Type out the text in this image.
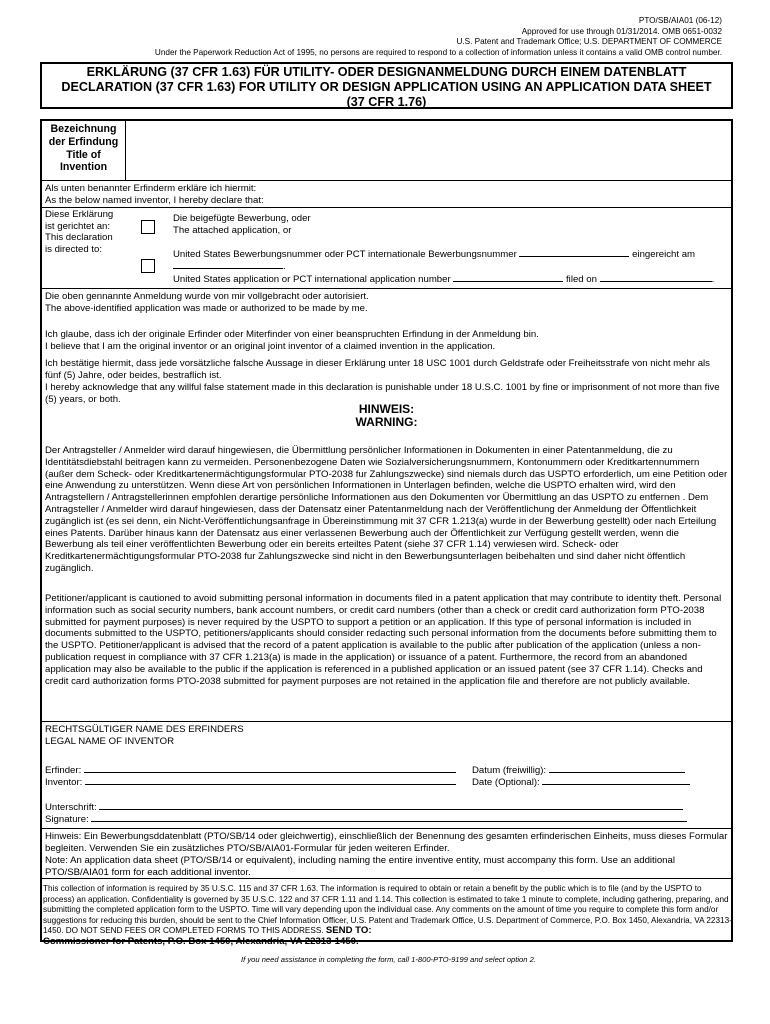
PTO/SB/AIA01 (06-12)
Approved for use through 01/31/2014. OMB 0651-0032
U.S. Patent and Trademark Office; U.S. DEPARTMENT OF COMMERCE
Under the Paperwork Reduction Act of 1995, no persons are required to respond to a collection of information unless it contains a valid OMB control number.
ERKLÄRUNG (37 CFR 1.63) FÜR UTILITY- ODER DESIGNANMELDUNG DURCH EINEM DATENBLATT
DECLARATION (37 CFR 1.63) FOR UTILITY OR DESIGN APPLICATION USING AN APPLICATION DATA SHEET
(37 CFR 1.76)
Bezeichnung
der Erfindung
Title of
Invention
Als unten benannter Erfinderm erkläre ich hiermit:
As the below named inventor, I hereby declare that:
Diese Erklärung
ist gerichtet an:
This declaration
is directed to:
Die beigefügte Bewerbung, oder
The attached application, or
United States Bewerbungsnummer oder PCT internationale Bewerbungsnummer	eingereicht am
.
United States application or PCT international application number	filed on	.
Die oben gennannte Anmeldung wurde von mir vollgebracht oder autorisiert.
The above-identified application was made or authorized to be made by me.
Ich glaube, dass ich der originale Erfinder oder Miterfinder von einer beanspruchten Erfindung in der Anmeldung bin.
I believe that I am the original inventor or an original joint inventor of a claimed invention in the application.
Ich bestätige hiermit, dass jede vorsätzliche falsche Aussage in dieser Erklärung unter 18 USC 1001 durch Geldstrafe oder Freiheitsstrafe von nicht mehr als fünf (5) Jahre, oder beides, bestraflich ist.
I hereby acknowledge that any willful false statement made in this declaration is punishable under 18 U.S.C. 1001 by fine or imprisonment of not more than five (5) years, or both.
HINWEIS:
WARNING:
Der Antragsteller / Anmelder wird darauf hingewiesen, die Übermittlung persönlicher Informationen in Dokumenten in einer Patentanmeldung, die zu Identitätsdiebstahl beitragen kann zu vermeiden. Personenbezogene Daten wie Sozialversicherungsnummern, Kontonummern oder Kreditkartennummern (außer dem Scheck- oder Kreditkartenermächtigungsformular PTO-2038 fur Zahlungszwecke) sind niemals durch das USPTO erforderlich, um eine Petition oder eine Anwendung zu unterstützen. Wenn diese Art von persönlichen Informationen in Unterlagen befinden, welche die USPTO erhalten wird, wird den Antragstellern / Antragstellerinnen empfohlen derartige persönliche Informationen aus den Dokumenten vor Übermittlung an das USPTO zu entfernen . Dem Antragsteller / Anmelder wird darauf hingewiesen, dass der Datensatz einer Patentanmeldung nach der Veröffentlichung der Anmeldung der Öffentlichkeit zugänglich ist (es sei denn, ein Nicht-Veröffentlichungsanfrage in Übereinstimmung mit 37 CFR 1.213(a) wurde in der Bewerbung gestellt) oder nach Erteilung eines Patents. Darüber hinaus kann der Datensatz aus einer verlassenen Bewerbung auch der Öffentlichkeit zur Verfügung gestellt werden, wenn die Bewerbung als teil einer veröffentlichten Bewerbung oder ein bereits erteiltes Patent (siehe 37 CFR 1.14) verwiesen wird. Scheck- oder Kreditkartenermächtigungsformular PTO-2038 fur Zahlungszwecke sind nicht in den Bewerbungsunterlagen beibehalten und sind daher nicht öffentlich zugänglich.
Petitioner/applicant is cautioned to avoid submitting personal information in documents filed in a patent application that may contribute to identity theft. Personal information such as social security numbers, bank account numbers, or credit card numbers (other than a check or credit card authorization form PTO-2038 submitted for payment purposes) is never required by the USPTO to support a petition or an application. If this type of personal information is included in documents submitted to the USPTO, petitioners/applicants should consider redacting such personal information from the documents before submitting them to the USPTO. Petitioner/applicant is advised that the record of a patent application is available to the public after publication of the application (unless a non-publication request in compliance with 37 CFR 1.213(a) is made in the application) or issuance of a patent. Furthermore, the record from an abandoned application may also be available to the public if the application is referenced in a published application or an issued patent (see 37 CFR 1.14). Checks and credit card authorization forms PTO-2038 submitted for payment purposes are not retained in the application file and therefore are not publicly available.
RECHTSGÜLTIGER NAME DES ERFINDERS
LEGAL NAME OF INVENTOR
Erfinder:
Inventor:
Datum (freiwillig):
Date (Optional):
Unterschrift:
Signature:
Hinweis: Ein Bewerbungsddatenblatt (PTO/SB/14 oder gleichwertig), einschließlich der Benennung des gesamten erfinderischen Einheits, muss dieses Formular begleiten. Verwenden Sie ein zusätzliches PTO/SB/AIA01-Formular für jeden weiteren Erfinder.
Note: An application data sheet (PTO/SB/14 or equivalent), including naming the entire inventive entity, must accompany this form. Use an additional PTO/SB/AIA01 form for each additional inventor.
This collection of information is required by 35 U.S.C. 115 and 37 CFR 1.63. The information is required to obtain or retain a benefit by the public which is to file (and by the USPTO to process) an application. Confidentiality is governed by 35 U.S.C. 122 and 37 CFR 1.11 and 1.14. This collection is estimated to take 1 minute to complete, including gathering, preparing, and submitting the completed application form to the USPTO. Time will vary depending upon the individual case. Any comments on the amount of time you require to complete this form and/or suggestions for reducing this burden, should be sent to the Chief Information Officer, U.S. Patent and Trademark Office, U.S. Department of Commerce, P.O. Box 1450, Alexandria, VA 22313-1450. DO NOT SEND FEES OR COMPLETED FORMS TO THIS ADDRESS. SEND TO:
Commissioner for Patents, P.O. Box 1450, Alexandria, VA 22313-1450.
If you need assistance in completing the form, call 1-800-PTO-9199 and select option 2.
